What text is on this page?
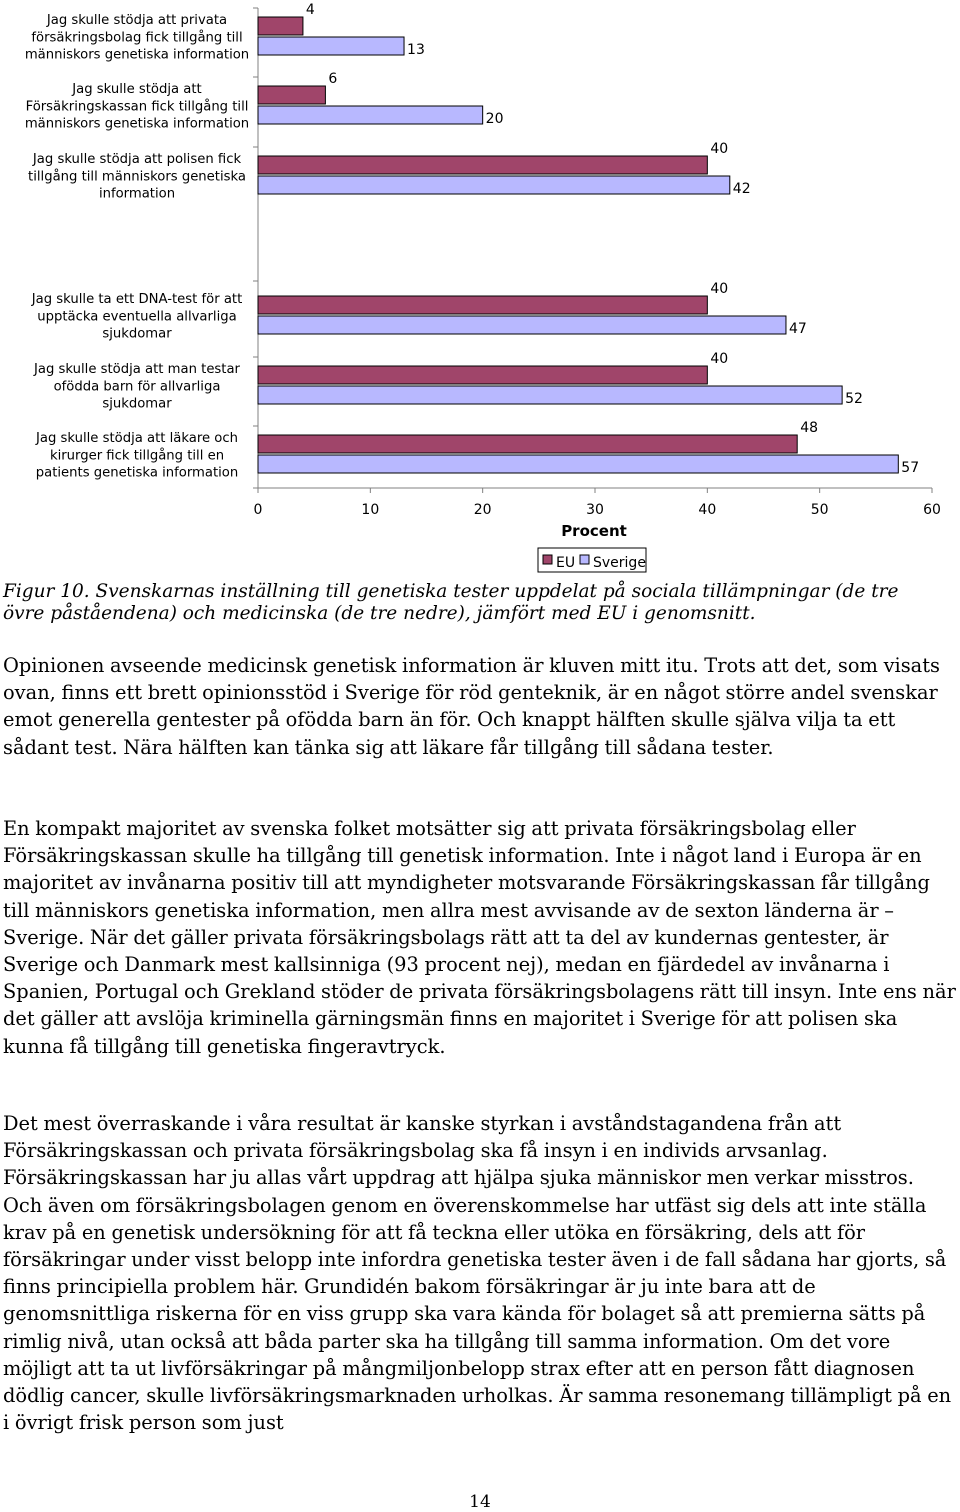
Jag skulle stödja att privata
försäkringsbolag fick tillgång till
människors genetiska information
Jag skulle stödja att
Försäkringskassan fick tillgång till
människors genetiska information
Jag skulle stödja att polisen fick
tillgång till människors genetiska
information
Jag skulle ta ett DNA-test för att
upptäcka eventuella allvarliga
sjukdomar
Jag skulle stödja att man testar
ofödda barn för allvarliga
sjukdomar
Jag skulle stödja att läkare och
kirurger fick tillgång till en
patients genetiska information
4
6
40
40
40
48
13
20
42
47
52
57
0	10	20	30	40	50	60
Procent
EU Sverige
Figur 10. Svenskarnas inställning till genetiska tester uppdelat på sociala tillämpningar (de tre övre påståendena) och medicinska (de tre nedre), jämfört med EU i genomsnitt.
Opinionen avseende medicinsk genetisk information är kluven mitt itu. Trots att det, som visats ovan, finns ett brett opinionsstöd i Sverige för röd genteknik, är en något större andel svenskar emot generella gentester på ofödda barn än för. Och knappt hälften skulle själva vilja ta ett sådant test. Nära hälften kan tänka sig att läkare får tillgång till sådana tester.
En kompakt majoritet av svenska folket motsätter sig att privata försäkringsbolag eller Försäkringskassan skulle ha tillgång till genetisk information. Inte i något land i Europa är en majoritet av invånarna positiv till att myndigheter motsvarande Försäkringskassan får tillgång till människors genetiska information, men allra mest avvisande av de sexton länderna är – Sverige. När det gäller privata försäkringsbolags rätt att ta del av kundernas gentester, är Sverige och Danmark mest kallsinniga (93 procent nej), medan en fjärdedel av invånarna i Spanien, Portugal och Grekland stöder de privata försäkringsbolagens rätt till insyn. Inte ens när det gäller att avslöja kriminella gärningsmän finns en majoritet i Sverige för att polisen ska kunna få tillgång till genetiska fingeravtryck.
Det mest överraskande i våra resultat är kanske styrkan i avståndstagandena från att Försäkringskassan och privata försäkringsbolag ska få insyn i en individs arvsanlag. Försäkringskassan har ju allas vårt uppdrag att hjälpa sjuka människor men verkar misstros. Och även om försäkringsbolagen genom en överenskommelse har utfäst sig dels att inte ställa krav på en genetisk undersökning för att få teckna eller utöka en försäkring, dels att för försäkringar under visst belopp inte infordra genetiska tester även i de fall sådana har gjorts, så finns principiella problem här. Grundidén bakom försäkringar är ju inte bara att de genomsnittliga riskerna för en viss grupp ska vara kända för bolaget så att premierna sätts på rimlig nivå, utan också att båda parter ska ha tillgång till samma information. Om det vore möjligt att ta ut livförsäkringar på mångmiljonbelopp strax efter att en person fått diagnosen dödlig cancer, skulle livförsäkringsmarknaden urholkas. Är samma resonemang tillämpligt på en i övrigt frisk person som just
14
